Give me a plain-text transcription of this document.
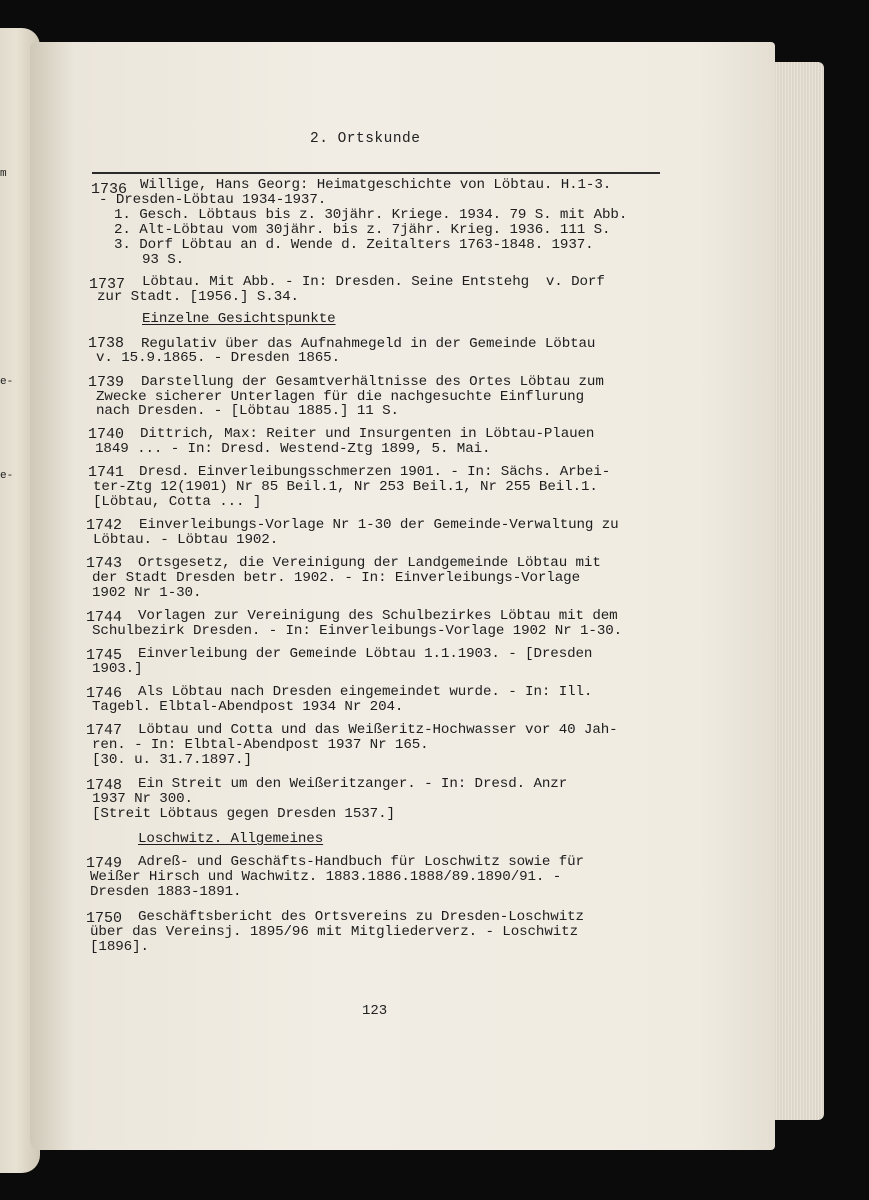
m
e-
e-
2. Ortskunde
1736 Willige, Hans Georg: Heimatgeschichte von Löbtau. H.1-3.
- Dresden-Löbtau 1934-1937.
1. Gesch. Löbtaus bis z. 30jähr. Kriege. 1934. 79 S. mit Abb.
2. Alt-Löbtau vom 30jähr. bis z. 7jähr. Krieg. 1936. 111 S.
3. Dorf Löbtau an d. Wende d. Zeitalters 1763-1848. 1937.
93 S.
1737 Löbtau. Mit Abb. - In: Dresden. Seine Entstehg  v. Dorf
zur Stadt. [1956.] S.34.
Einzelne Gesichtspunkte
1738 Regulativ über das Aufnahmegeld in der Gemeinde Löbtau
v. 15.9.1865. - Dresden 1865.
1739 Darstellung der Gesamtverhältnisse des Ortes Löbtau zum
Zwecke sicherer Unterlagen für die nachgesuchte Einflurung
nach Dresden. - [Löbtau 1885.] 11 S.
1740 Dittrich, Max: Reiter und Insurgenten in Löbtau-Plauen
1849 ... - In: Dresd. Westend-Ztg 1899, 5. Mai.
1741 Dresd. Einverleibungsschmerzen 1901. - In: Sächs. Arbei-
ter-Ztg 12(1901) Nr 85 Beil.1, Nr 253 Beil.1, Nr 255 Beil.1.
[Löbtau, Cotta ... ]
1742 Einverleibungs-Vorlage Nr 1-30 der Gemeinde-Verwaltung zu
Löbtau. - Löbtau 1902.
1743 Ortsgesetz, die Vereinigung der Landgemeinde Löbtau mit
der Stadt Dresden betr. 1902. - In: Einverleibungs-Vorlage
1902 Nr 1-30.
1744 Vorlagen zur Vereinigung des Schulbezirkes Löbtau mit dem
Schulbezirk Dresden. - In: Einverleibungs-Vorlage 1902 Nr 1-30.
1745 Einverleibung der Gemeinde Löbtau 1.1.1903. - [Dresden
1903.]
1746 Als Löbtau nach Dresden eingemeindet wurde. - In: Ill.
Tagebl. Elbtal-Abendpost 1934 Nr 204.
1747 Löbtau und Cotta und das Weißeritz-Hochwasser vor 40 Jah-
ren. - In: Elbtal-Abendpost 1937 Nr 165.
[30. u. 31.7.1897.]
1748 Ein Streit um den Weißeritzanger. - In: Dresd. Anzr
1937 Nr 300.
[Streit Löbtaus gegen Dresden 1537.]
Loschwitz. Allgemeines
1749 Adreß- und Geschäfts-Handbuch für Loschwitz sowie für
Weißer Hirsch und Wachwitz. 1883.1886.1888/89.1890/91. -
Dresden 1883-1891.
1750 Geschäftsbericht des Ortsvereins zu Dresden-Loschwitz
über das Vereinsj. 1895/96 mit Mitgliederverz. - Loschwitz
[1896].
123
